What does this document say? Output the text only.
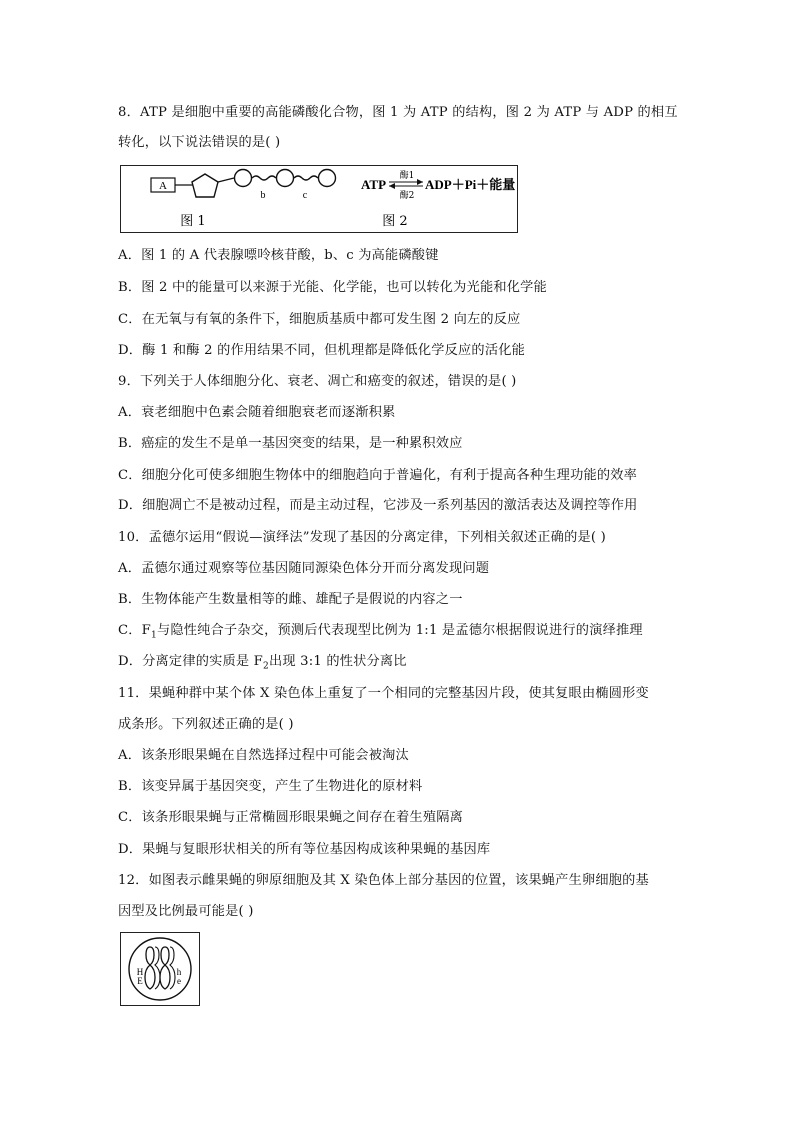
8．ATP 是细胞中重要的高能磷酸化合物，图 1 为 ATP 的结构，图 2 为 ATP 与 ADP 的相互
转化，以下说法错误的是( )
A
b	c
图 1
ATP
酶1
酶2
ADP＋Pi＋能量
图 2
A．图 1 的 A 代表腺嘌呤核苷酸，b、c 为高能磷酸键
B．图 2 中的能量可以来源于光能、化学能，也可以转化为光能和化学能
C．在无氧与有氧的条件下，细胞质基质中都可发生图 2 向左的反应
D．酶 1 和酶 2 的作用结果不同，但机理都是降低化学反应的活化能
9．下列关于人体细胞分化、衰老、凋亡和癌变的叙述，错误的是( )
A．衰老细胞中色素会随着细胞衰老而逐渐积累
B．癌症的发生不是单一基因突变的结果，是一种累积效应
C．细胞分化可使多细胞生物体中的细胞趋向于普遍化，有利于提高各种生理功能的效率
D．细胞凋亡不是被动过程，而是主动过程，它涉及一系列基因的激活表达及调控等作用
10．孟德尔运用“假说—演绎法”发现了基因的分离定律，下列相关叙述正确的是( )
A．孟德尔通过观察等位基因随同源染色体分开而分离发现问题
B．生物体能产生数量相等的雌、雄配子是假说的内容之一
C．$F_1$与隐性纯合子杂交，预测后代表现型比例为 1:1 是孟德尔根据假说进行的演绎推理
D．分离定律的实质是 $F_2$出现 3:1 的性状分离比
11．果蝇种群中某个体 X 染色体上重复了一个相同的完整基因片段，使其复眼由椭圆形变
成条形。下列叙述正确的是( )
A．该条形眼果蝇在自然选择过程中可能会被淘汰
B．该变异属于基因突变，产生了生物进化的原材料
C．该条形眼果蝇与正常椭圆形眼果蝇之间存在着生殖隔离
D．果蝇与复眼形状相关的所有等位基因构成该种果蝇的基因库
12．如图表示雌果蝇的卵原细胞及其 X 染色体上部分基因的位置，该果蝇产生卵细胞的基
因型及比例最可能是( )
H
E
h
e
